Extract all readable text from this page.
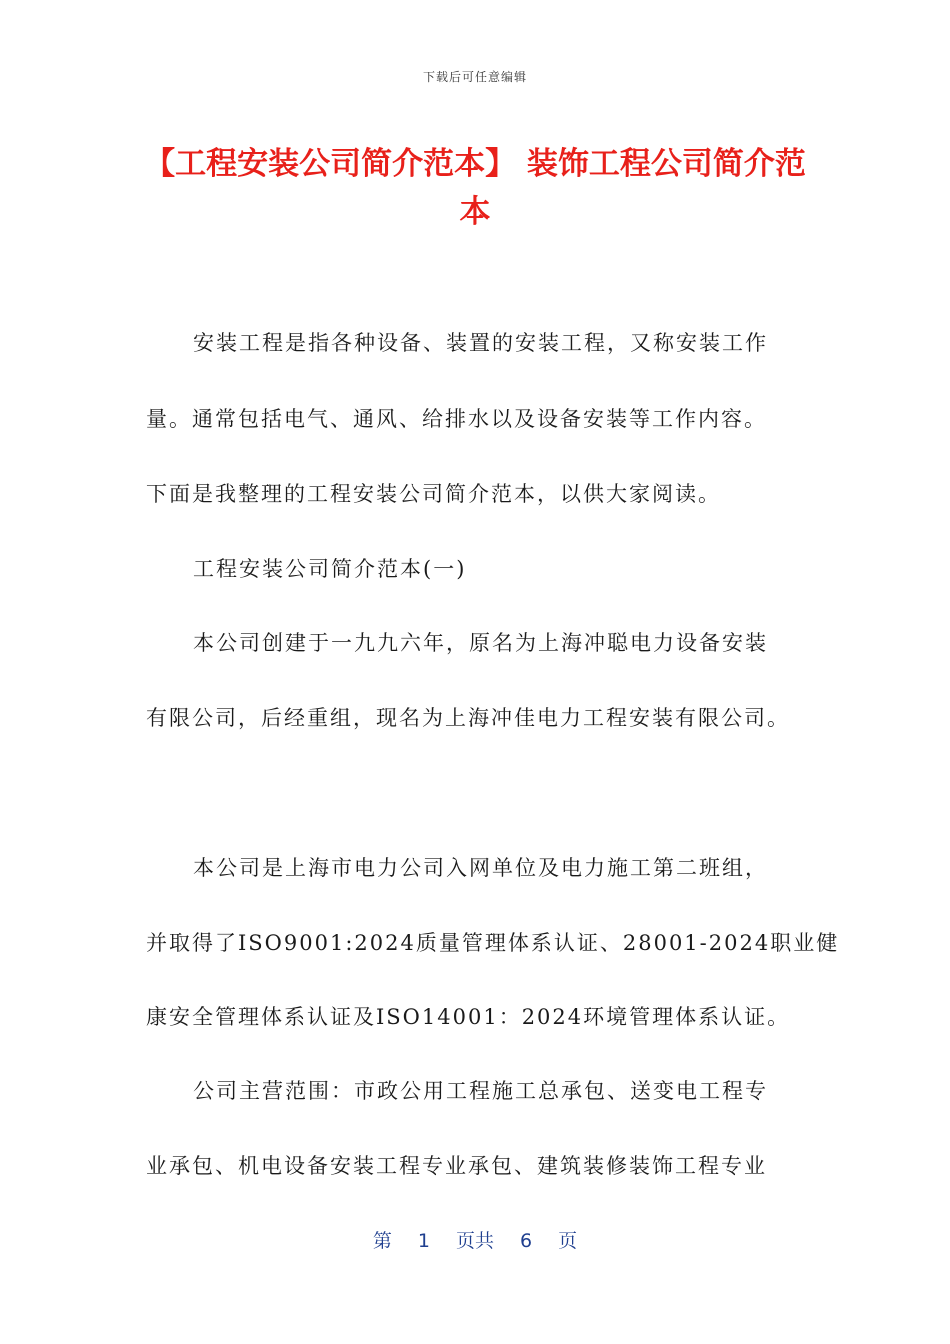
下载后可任意编辑
【工程安装公司简介范本】 装饰工程公司简介范本

安装工程是指各种设备、装置的安装工程，又称安装工作

量。通常包括电气、通风、给排水以及设备安装等工作内容。

下面是我整理的工程安装公司简介范本，以供大家阅读。

工程安装公司简介范本(一)

本公司创建于一九九六年，原名为上海冲聪电力设备安装

有限公司，后经重组，现名为上海冲佳电力工程安装有限公司。

本公司是上海市电力公司入网单位及电力施工第二班组，

并取得了ISO9001:2024质量管理体系认证、28001-2024职业健

康安全管理体系认证及ISO14001：2024环境管理体系认证。

公司主营范围：市政公用工程施工总承包、送变电工程专

业承包、机电设备安装工程专业承包、建筑装修装饰工程专业

第 1 页共 6 页
